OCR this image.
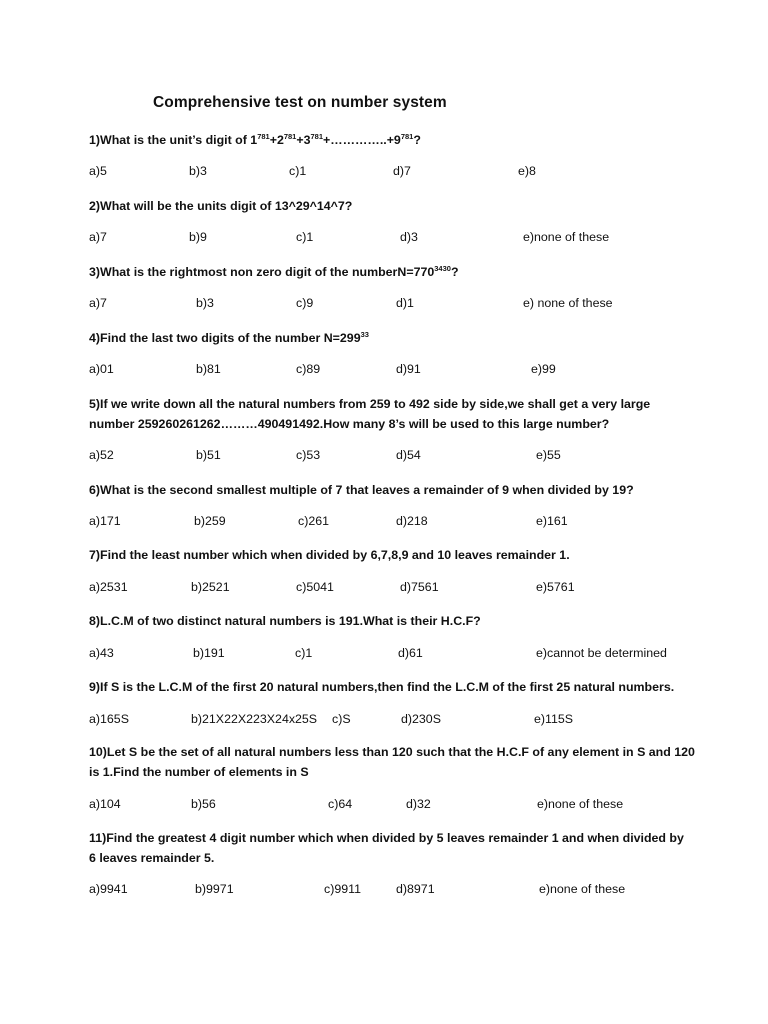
Comprehensive test on number system
1)What is the unit’s digit of $1^{781}+2^{781}+3^{781}+\dots\dots\dots\dots..+9^{781}$?
a)5	b)3	c)1	d)7	e)8
2)What will be the units digit of 13^29^14^7?
a)7	b)9	c)1	d)3	e)none of these
3)What is the rightmost non zero digit of the $numberN=770^{3430}$?
a)7	b)3	c)9	d)1	e) none of these
4)Find the last two digits of the number $N=299^{33}$
a)01	b)81	c)89	d)91	e)99
5)If we write down all the natural numbers from 259 to 492 side by side,we shall get a very large
number 259260261262………490491492.How many 8’s will be used to this large number?
a)52	b)51	c)53	d)54	e)55
6)What is the second smallest multiple of 7 that leaves a remainder of 9 when divided by 19?
a)171	b)259	c)261	d)218	e)161
7)Find the least number which when divided by 6,7,8,9 and 10 leaves remainder 1.
a)2531	b)2521	c)5041	d)7561	e)5761
8)L.C.M of two distinct natural numbers is 191.What is their H.C.F?
a)43	b)191	c)1	d)61	e)cannot be determined
9)If S is the L.C.M of the first 20 natural numbers,then find the L.C.M of the first 25 natural numbers.
a)165S	b)21X22X223X24x25S c)S	d)230S	e)115S
10)Let S be the set of all natural numbers less than 120 such that the H.C.F of any element in S and 120
is 1.Find the number of elements in S
a)104	b)56	c)64	d)32	e)none of these
11)Find the greatest 4 digit number which when divided by 5 leaves remainder 1 and when divided by
6 leaves remainder 5.
a)9941	b)9971	c)9911	d)8971	e)none of these
